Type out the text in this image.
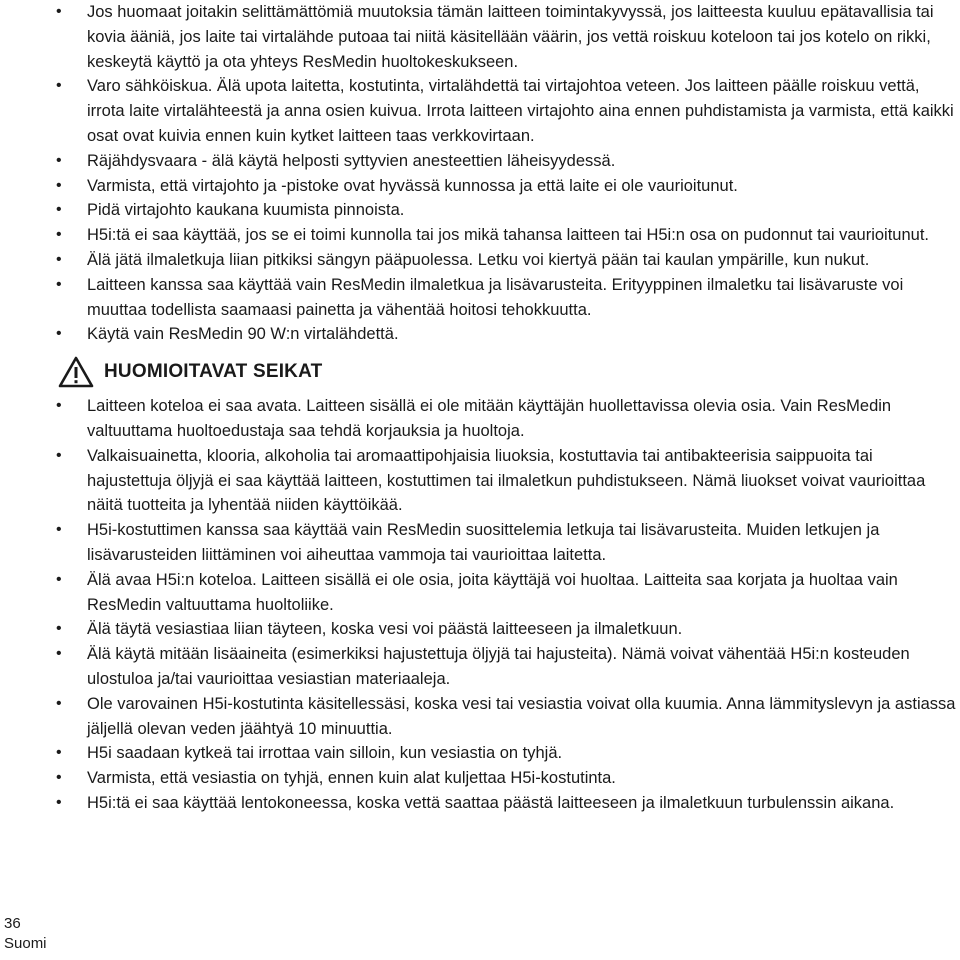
• Jos huomaat joitakin selittämättömiä muutoksia tämän laitteen toimintakyvyssä, jos laitteesta kuuluu epätavallisia tai kovia ääniä, jos laite tai virtalähde putoaa tai niitä käsitellään väärin, jos vettä roiskuu koteloon tai jos kotelo on rikki, keskeytä käyttö ja ota yhteys ResMedin huoltokeskukseen.
• Varo sähköiskua. Älä upota laitetta, kostutinta, virtalähdettä tai virtajohtoa veteen. Jos laitteen päälle roiskuu vettä, irrota laite virtalähteestä ja anna osien kuivua. Irrota laitteen virtajohto aina ennen puhdistamista ja varmista, että kaikki osat ovat kuivia ennen kuin kytket laitteen taas verkkovirtaan.
• Räjähdysvaara - älä käytä helposti syttyvien anesteettien läheisyydessä.
• Varmista, että virtajohto ja -pistoke ovat hyvässä kunnossa ja että laite ei ole vaurioitunut.
• Pidä virtajohto kaukana kuumista pinnoista.
• H5i:tä ei saa käyttää, jos se ei toimi kunnolla tai jos mikä tahansa laitteen tai H5i:n osa on pudonnut tai vaurioitunut.
• Älä jätä ilmaletkuja liian pitkiksi sängyn pääpuolessa. Letku voi kiertyä pään tai kaulan ympärille, kun nukut.
• Laitteen kanssa saa käyttää vain ResMedin ilmaletkua ja lisävarusteita. Erityyppinen ilmaletku tai lisävaruste voi muuttaa todellista saamaasi painetta ja vähentää hoitosi tehokkuutta.
• Käytä vain ResMedin 90 W:n virtalähdettä.
HUOMIOITAVAT SEIKAT
• Laitteen koteloa ei saa avata. Laitteen sisällä ei ole mitään käyttäjän huollettavissa olevia osia. Vain ResMedin valtuuttama huoltoedustaja saa tehdä korjauksia ja huoltoja.
• Valkaisuainetta, klooria, alkoholia tai aromaattipohjaisia liuoksia, kostuttavia tai antibakteerisia saippuoita tai hajustettuja öljyjä ei saa käyttää laitteen, kostuttimen tai ilmaletkun puhdistukseen. Nämä liuokset voivat vaurioittaa näitä tuotteita ja lyhentää niiden käyttöikää.
• H5i-kostuttimen kanssa saa käyttää vain ResMedin suosittelemia letkuja tai lisävarusteita. Muiden letkujen ja lisävarusteiden liittäminen voi aiheuttaa vammoja tai vaurioittaa laitetta.
• Älä avaa H5i:n koteloa. Laitteen sisällä ei ole osia, joita käyttäjä voi huoltaa. Laitteita saa korjata ja huoltaa vain ResMedin valtuuttama huoltoliike.
• Älä täytä vesiastiaa liian täyteen, koska vesi voi päästä laitteeseen ja ilmaletkuun.
• Älä käytä mitään lisäaineita (esimerkiksi hajustettuja öljyjä tai hajusteita). Nämä voivat vähentää H5i:n kosteuden ulostuloa ja/tai vaurioittaa vesiastian materiaaleja.
• Ole varovainen H5i-kostutinta käsitellessäsi, koska vesi tai vesiastia voivat olla kuumia. Anna lämmityslevyn ja astiassa jäljellä olevan veden jäähtyä 10 minuuttia.
• H5i saadaan kytkeä tai irrottaa vain silloin, kun vesiastia on tyhjä.
• Varmista, että vesiastia on tyhjä, ennen kuin alat kuljettaa H5i-kostutinta.
• H5i:tä ei saa käyttää lentokoneessa, koska vettä saattaa päästä laitteeseen ja ilmaletkuun turbulenssin aikana.
36
Suomi
